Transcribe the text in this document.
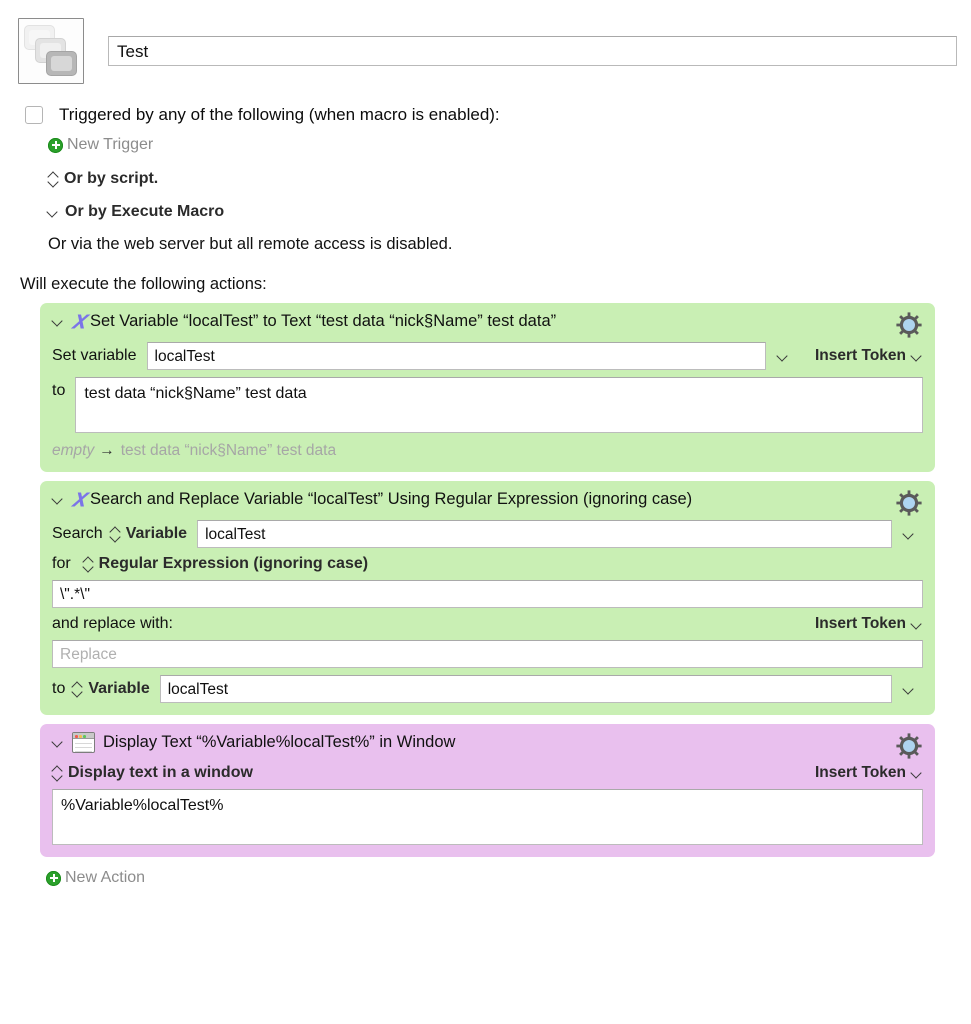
Test
Triggered by any of the following (when macro is enabled):
New Trigger
Or by script.
Or by Execute Macro
Or via the web server but all remote access is disabled.
Will execute the following actions:
𝑥 Set Variable “localTest” to Text “test data “nick§Name” test data”
Set variable	localTest	Insert Token
to	test data “nick§Name” test data
empty → test data “nick§Name” test data
𝑥 Search and Replace Variable “localTest” Using Regular Expression (ignoring case)
Search Variable	localTest
for Regular Expression (ignoring case)
\".*\"
and replace with:	Insert Token
Replace
to Variable	localTest
Display Text “%Variable%localTest%” in Window
Display text in a window	Insert Token
%Variable%localTest%
New Action
